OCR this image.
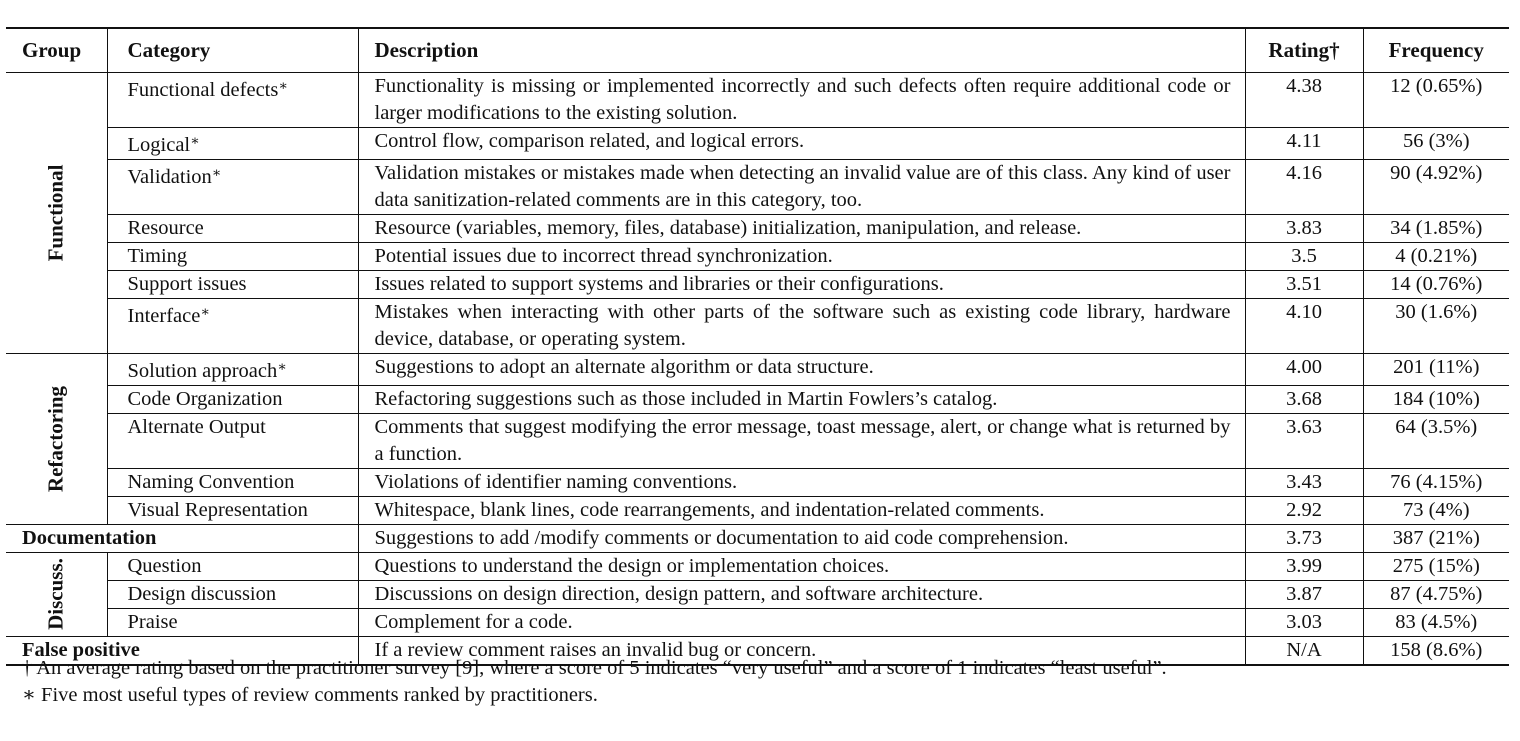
Group	Category	Description	Rating†	Frequency

Functional	Functional defects∗	Functionality is missing or implemented incorrectly and such defects often require additional code or larger modifications to the existing solution.	4.38	12 (0.65%)
	Logical∗	Control flow, comparison related, and logical errors.	4.11	56 (3%)
	Validation∗	Validation mistakes or mistakes made when detecting an invalid value are of this class. Any kind of user data sanitization-related comments are in this category, too.	4.16	90 (4.92%)
	Resource	Resource (variables, memory, files, database) initialization, manipulation, and release.	3.83	34 (1.85%)
	Timing	Potential issues due to incorrect thread synchronization.	3.5	4 (0.21%)
	Support issues	Issues related to support systems and libraries or their configurations.	3.51	14 (0.76%)
	Interface∗	Mistakes when interacting with other parts of the software such as existing code library, hardware device, database, or operating system.	4.10	30 (1.6%)

Refactoring	Solution approach∗	Suggestions to adopt an alternate algorithm or data structure.	4.00	201 (11%)
	Code Organization	Refactoring suggestions such as those included in Martin Fowlers’s catalog.	3.68	184 (10%)
	Alternate Output	Comments that suggest modifying the error message, toast message, alert, or change what is returned by a function.	3.63	64 (3.5%)
	Naming Convention	Violations of identifier naming conventions.	3.43	76 (4.15%)
	Visual Representation	Whitespace, blank lines, code rearrangements, and indentation-related comments.	2.92	73 (4%)
Documentation		Suggestions to add /modify comments or documentation to aid code comprehension.	3.73	387 (21%)

Discuss.	Question	Questions to understand the design or implementation choices.	3.99	275 (15%)
	Design discussion	Discussions on design direction, design pattern, and software architecture.	3.87	87 (4.75%)
	Praise	Complement for a code.	3.03	83 (4.5%)
False positive		If a review comment raises an invalid bug or concern.	N/A	158 (8.6%)
† An average rating based on the practitioner survey [9], where a score of 5 indicates “very useful” and a score of 1 indicates “least useful”.
∗ Five most useful types of review comments ranked by practitioners.
